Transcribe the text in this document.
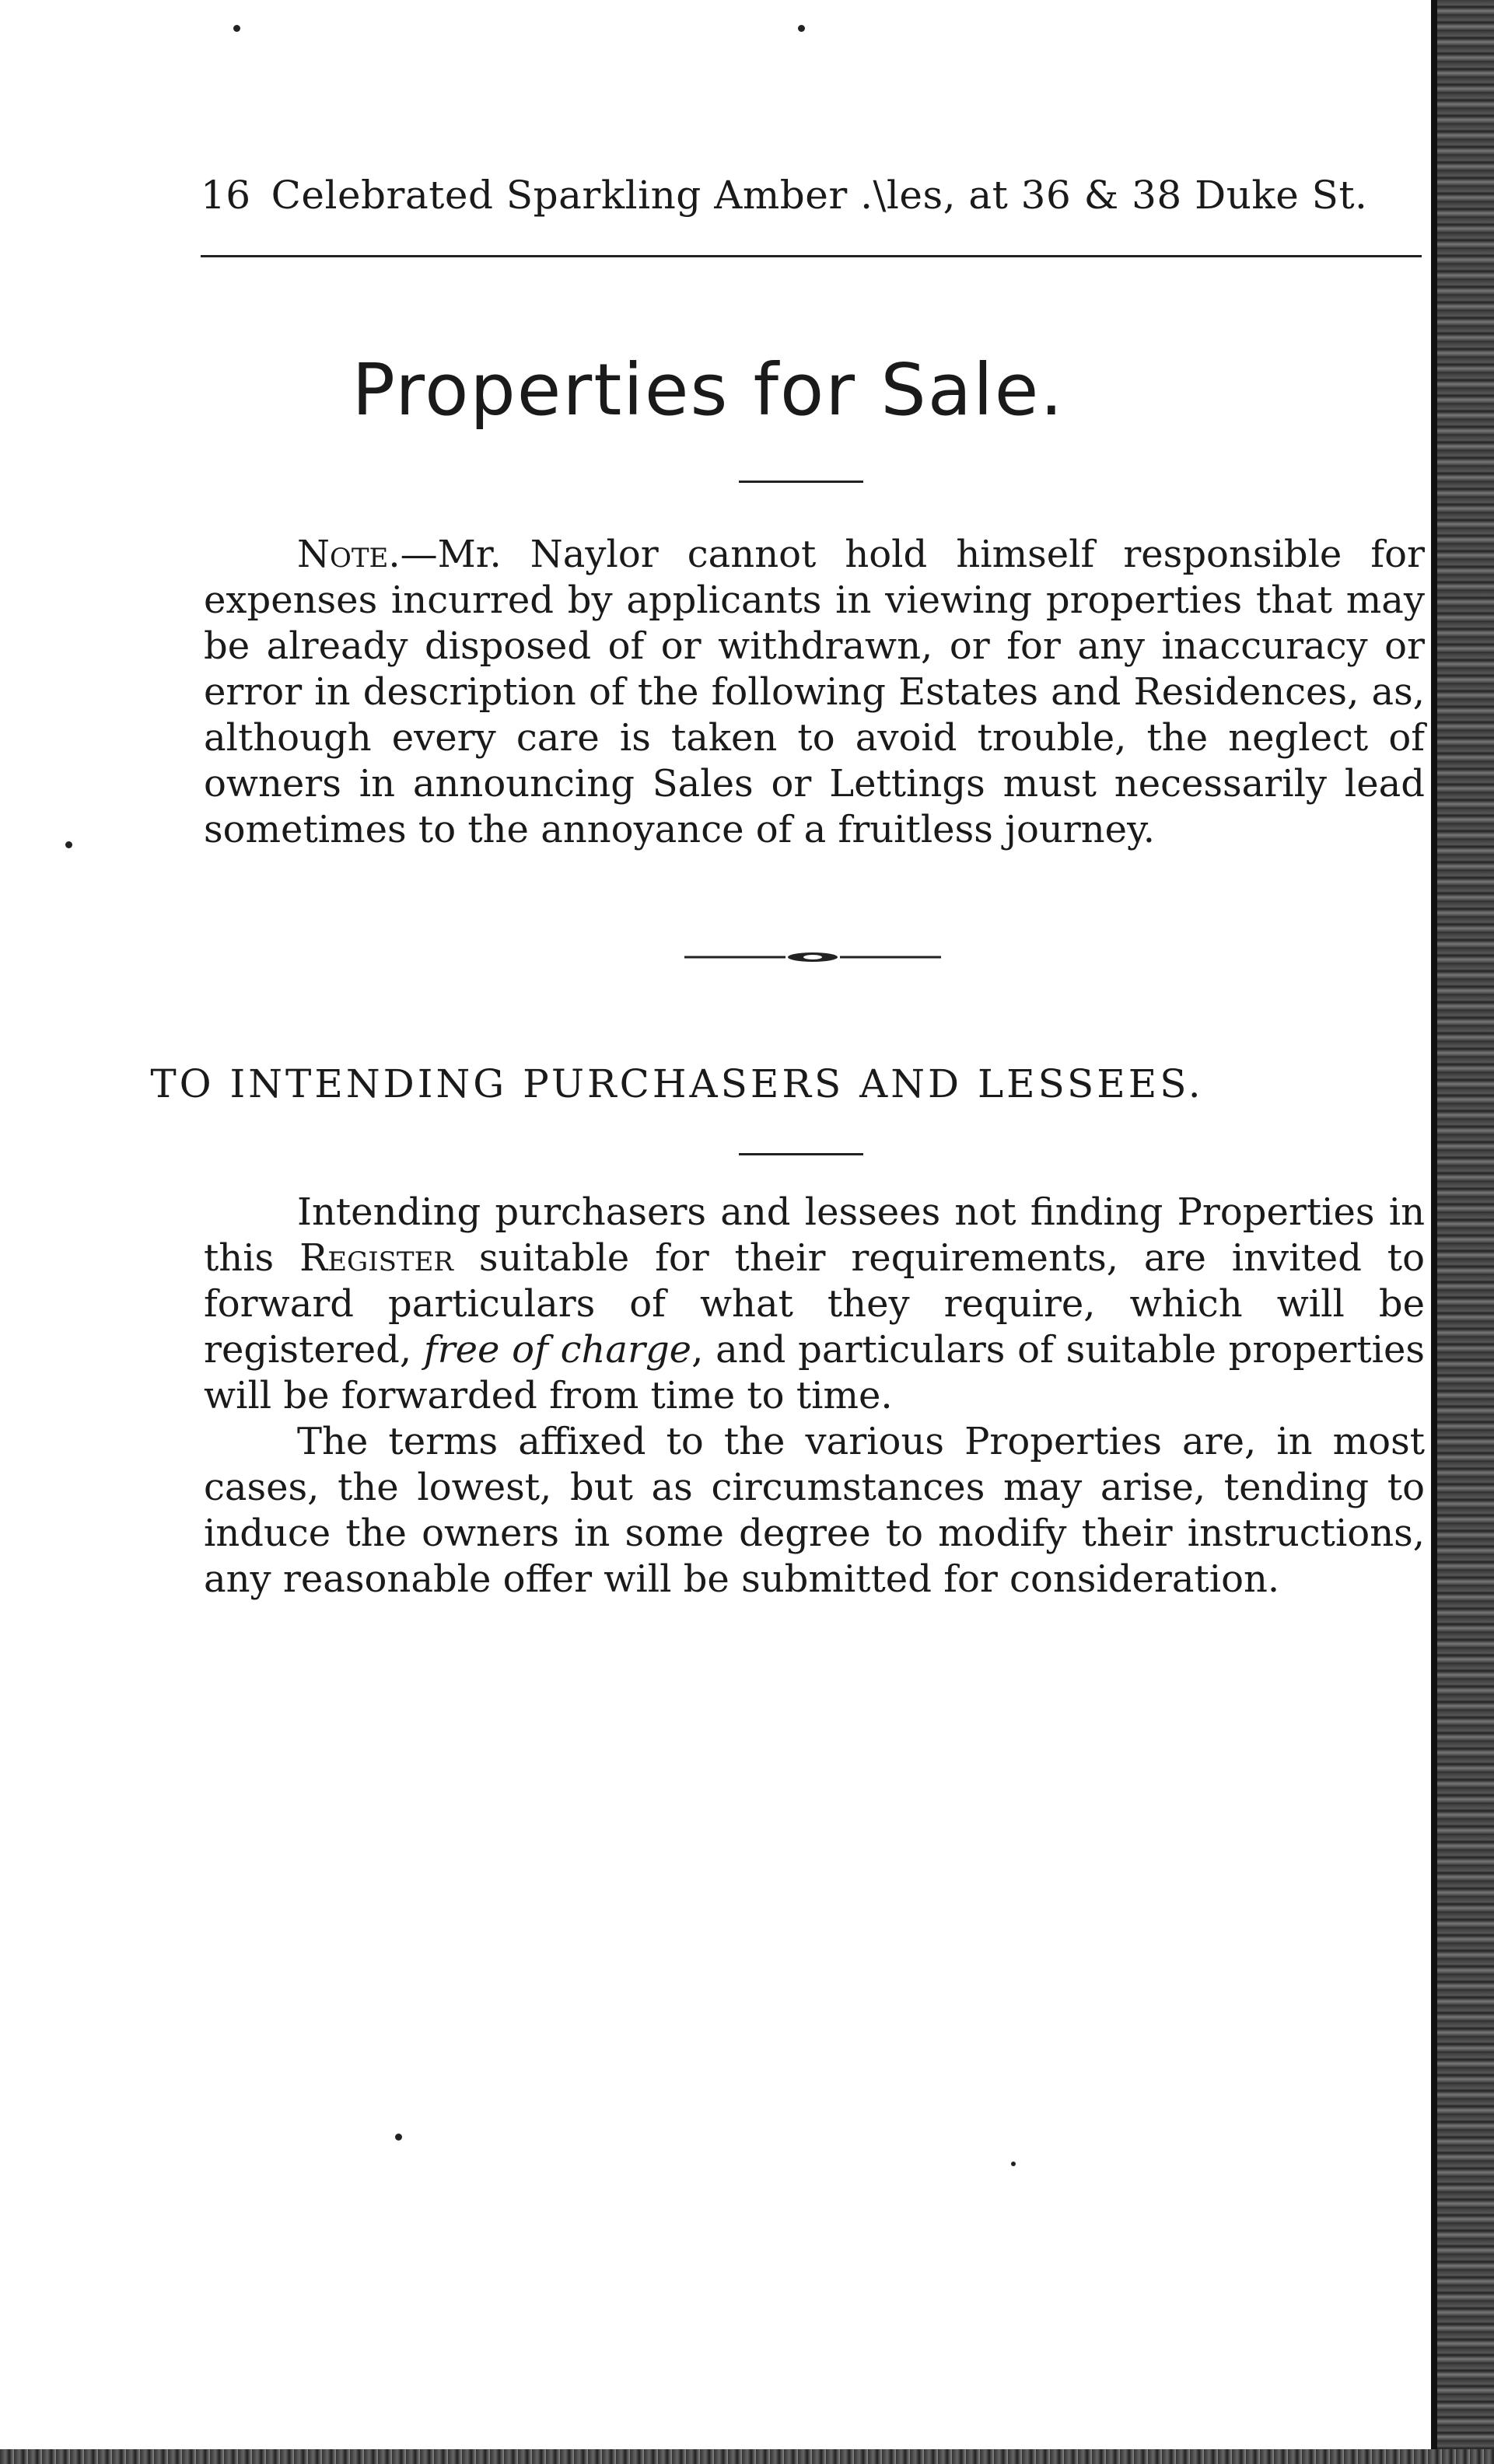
16 Celebrated Sparkling Amber .\les, at 36 & 38 Duke St.
Properties for Sale.

Note.—Mr. Naylor cannot hold himself responsible for expenses incurred by applicants in viewing properties that may be already disposed of or withdrawn, or for any inaccuracy or error in description of the following Estates and Residences, as, although every care is taken to avoid trouble, the neglect of owners in announcing Sales or Lettings must necessarily lead sometimes to the annoyance of a fruitless journey.

TO INTENDING PURCHASERS AND LESSEES.

Intending purchasers and lessees not finding Properties in this Register suitable for their requirements, are invited to forward particulars of what they require, which will be registered, free of charge, and particulars of suitable properties will be forwarded from time to time.

The terms affixed to the various Properties are, in most cases, the lowest, but as circumstances may arise, tending to induce the owners in some degree to modify their instructions, any reasonable offer will be submitted for consideration.
